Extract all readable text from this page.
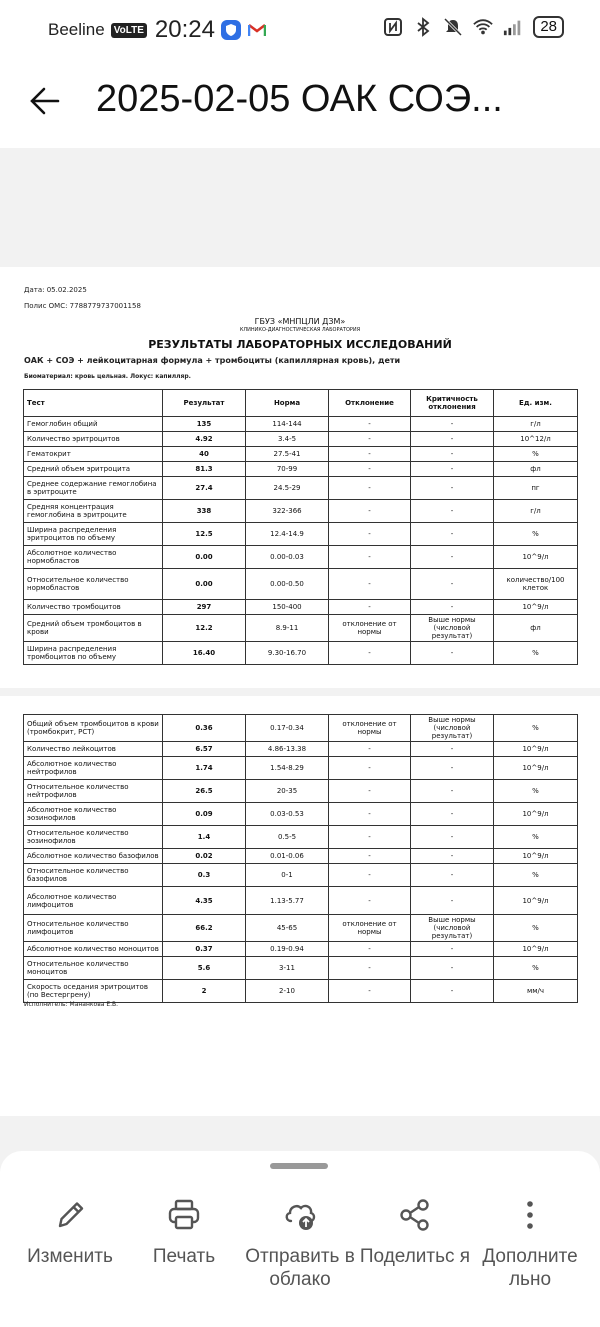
Beeline VoLTE 20:24	28
2025-02-05 ОАК СОЭ...
Дата: 05.02.2025
Полис ОМС: 7788779737001158
ГБУЗ «МНПЦЛИ ДЗМ»
КЛИНИКО-ДИАГНОСТИЧЕСКАЯ ЛАБОРАТОРИЯ
РЕЗУЛЬТАТЫ ЛАБОРАТОРНЫХ ИССЛЕДОВАНИЙ
ОАК + СОЭ + лейкоцитарная формула + тромбоциты (капиллярная кровь), дети
Биоматериал: кровь цельная. Локус: капилляр.
Тест	Результат	Норма	Отклонение	Критичность отклонения	Ед. изм.
Гемоглобин общий	135	114-144	-	-	г/л
Количество эритроцитов	4.92	3.4-5	-	-	10^12/л
Гематокрит	40	27.5-41	-	-	%
Средний объем эритроцита	81.3	70-99	-	-	фл
Среднее содержание гемоглобина в эритроците	27.4	24.5-29	-	-	пг
Средняя концентрация гемоглобина в эритроците	338	322-366	-	-	г/л
Ширина распределения эритроцитов по объему	12.5	12.4-14.9	-	-	%
Абсолютное количество нормобластов	0.00	0.00-0.03	-	-	10^9/л
Относительное количество нормобластов	0.00	0.00-0.50	-	-	количество/100 клеток
Количество тромбоцитов	297	150-400	-	-	10^9/л
Средний объем тромбоцитов в крови	12.2	8.9-11	отклонение от нормы	Выше нормы (числовой результат)	фл
Ширина распределения тромбоцитов по объему	16.40	9.30-16.70	-	-	%
Общий объем тромбоцитов в крови (тромбокрит, PCT)	0.36	0.17-0.34	отклонение от нормы	Выше нормы (числовой результат)	%
Количество лейкоцитов	6.57	4.86-13.38	-	-	10^9/л
Абсолютное количество нейтрофилов	1.74	1.54-8.29	-	-	10^9/л
Относительное количество нейтрофилов	26.5	20-35	-	-	%
Абсолютное количество эозинофилов	0.09	0.03-0.53	-	-	10^9/л
Относительное количество эозинофилов	1.4	0.5-5	-	-	%
Абсолютное количество базофилов	0.02	0.01-0.06	-	-	10^9/л
Относительное количество базофилов	0.3	0-1	-	-	%
Абсолютное количество лимфоцитов	4.35	1.13-5.77	-	-	10^9/л
Относительное количество лимфоцитов	66.2	45-65	отклонение от нормы	Выше нормы (числовой результат)	%
Абсолютное количество моноцитов	0.37	0.19-0.94	-	-	10^9/л
Относительное количество моноцитов	5.6	3-11	-	-	%
Скорость оседания эритроцитов (по Вестергрену)	2	2-10	-	-	мм/ч
Исполнитель: Мананкова Е.В.
Изменить	Печать	Отправить в облако
Поделитьс я Дополните льно
